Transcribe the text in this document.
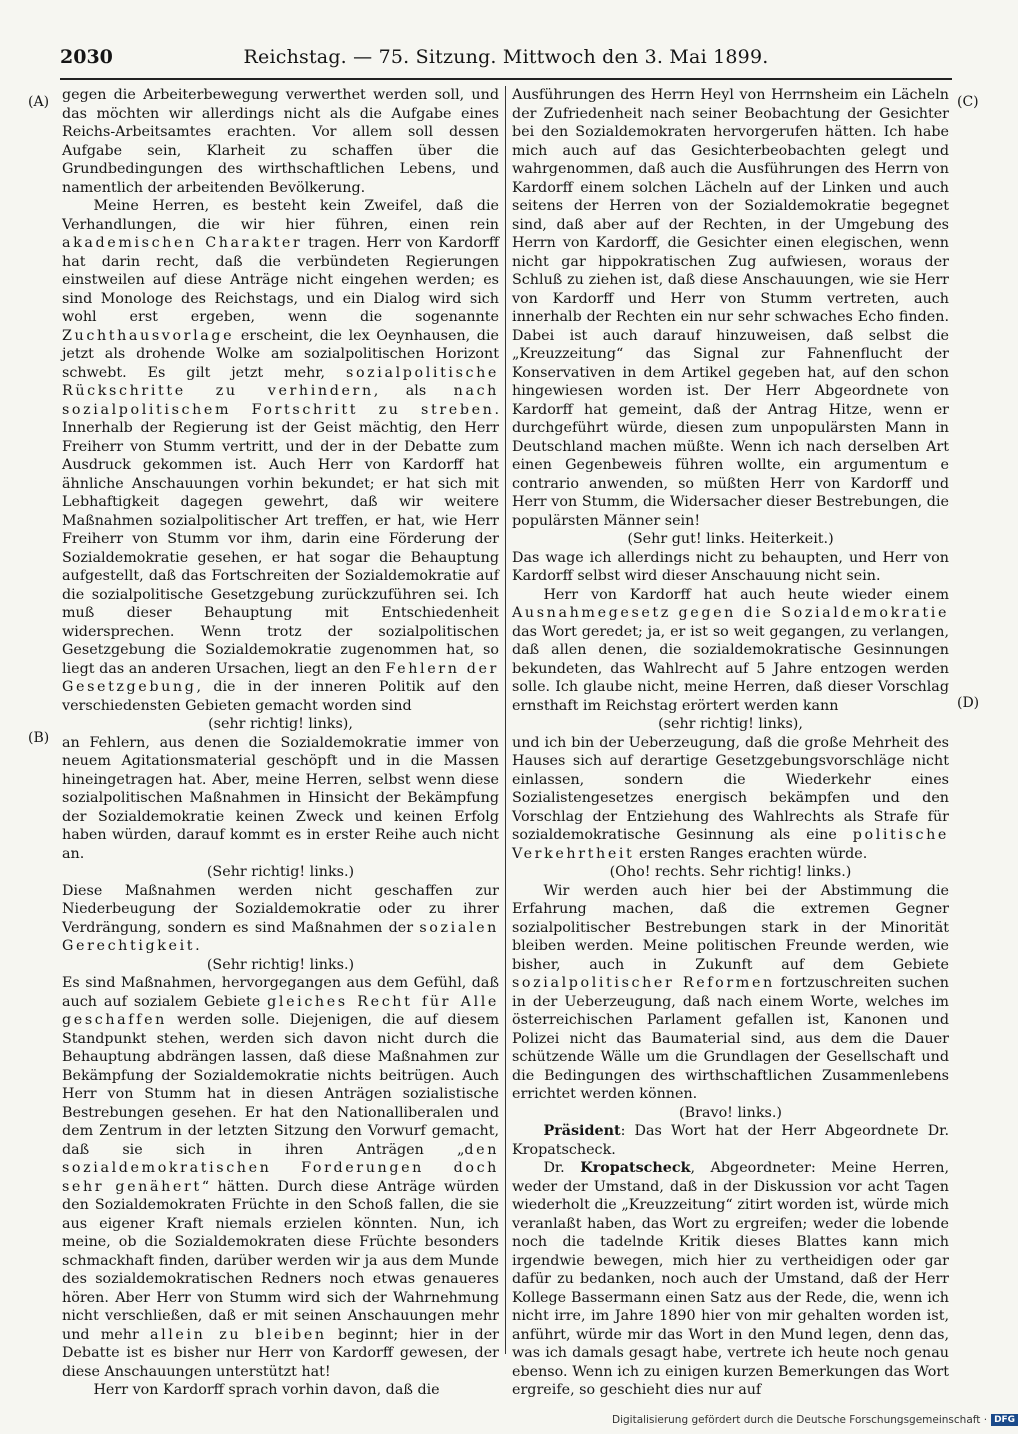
2030	Reichstag. — 75. Sitzung. Mittwoch den 3. Mai 1899.
(A)
(B)
(C)
(D)

gegen die Arbeiterbewegung verwerthet werden soll, und das möchten wir allerdings nicht als die Aufgabe eines Reichs-Arbeitsamtes erachten. Vor allem soll dessen Aufgabe sein, Klarheit zu schaffen über die Grundbedingungen des wirthschaftlichen Lebens, und namentlich der arbeitenden Bevölkerung.

Meine Herren, es besteht kein Zweifel, daß die Verhandlungen, die wir hier führen, einen rein akademischen Charakter tragen. Herr von Kardorff hat darin recht, daß die verbündeten Regierungen einstweilen auf diese Anträge nicht eingehen werden; es sind Monologe des Reichstags, und ein Dialog wird sich wohl erst ergeben, wenn die sogenannte Zuchthausvorlage erscheint, die lex Oeynhausen, die jetzt als drohende Wolke am sozialpolitischen Horizont schwebt. Es gilt jetzt mehr, sozialpolitische Rückschritte zu verhindern, als nach sozialpolitischem Fortschritt zu streben. Innerhalb der Regierung ist der Geist mächtig, den Herr Freiherr von Stumm vertritt, und der in der Debatte zum Ausdruck gekommen ist. Auch Herr von Kardorff hat ähnliche Anschauungen vorhin bekundet; er hat sich mit Lebhaftigkeit dagegen gewehrt, daß wir weitere Maßnahmen sozialpolitischer Art treffen, er hat, wie Herr Freiherr von Stumm vor ihm, darin eine Förderung der Sozialdemokratie gesehen, er hat sogar die Behauptung aufgestellt, daß das Fortschreiten der Sozialdemokratie auf die sozialpolitische Gesetzgebung zurückzuführen sei. Ich muß dieser Behauptung mit Entschiedenheit widersprechen. Wenn trotz der sozialpolitischen Gesetzgebung die Sozialdemokratie zugenommen hat, so liegt das an anderen Ursachen, liegt an den Fehlern der Gesetzgebung, die in der inneren Politik auf den verschiedensten Gebieten gemacht worden sind

(sehr richtig! links),

an Fehlern, aus denen die Sozialdemokratie immer von neuem Agitationsmaterial geschöpft und in die Massen hineingetragen hat. Aber, meine Herren, selbst wenn diese sozialpolitischen Maßnahmen in Hinsicht der Bekämpfung der Sozialdemokratie keinen Zweck und keinen Erfolg haben würden, darauf kommt es in erster Reihe auch nicht an.

(Sehr richtig! links.)

Diese Maßnahmen werden nicht geschaffen zur Niederbeugung der Sozialdemokratie oder zu ihrer Verdrängung, sondern es sind Maßnahmen der sozialen Gerechtigkeit.

(Sehr richtig! links.)

Es sind Maßnahmen, hervorgegangen aus dem Gefühl, daß auch auf sozialem Gebiete gleiches Recht für Alle geschaffen werden solle. Diejenigen, die auf diesem Standpunkt stehen, werden sich davon nicht durch die Behauptung abdrängen lassen, daß diese Maßnahmen zur Bekämpfung der Sozialdemokratie nichts beitrügen. Auch Herr von Stumm hat in diesen Anträgen sozialistische Bestrebungen gesehen. Er hat den Nationalliberalen und dem Zentrum in der letzten Sitzung den Vorwurf gemacht, daß sie sich in ihren Anträgen „den sozialdemokratischen Forderungen doch sehr genähert“ hätten. Durch diese Anträge würden den Sozialdemokraten Früchte in den Schoß fallen, die sie aus eigener Kraft niemals erzielen könnten. Nun, ich meine, ob die Sozialdemokraten diese Früchte besonders schmackhaft finden, darüber werden wir ja aus dem Munde des sozialdemokratischen Redners noch etwas genaueres hören. Aber Herr von Stumm wird sich der Wahrnehmung nicht verschließen, daß er mit seinen Anschauungen mehr und mehr allein zu bleiben beginnt; hier in der Debatte ist es bisher nur Herr von Kardorff gewesen, der diese Anschauungen unterstützt hat!

Herr von Kardorff sprach vorhin davon, daß die

Ausführungen des Herrn Heyl von Herrnsheim ein Lächeln der Zufriedenheit nach seiner Beobachtung der Gesichter bei den Sozialdemokraten hervorgerufen hätten. Ich habe mich auch auf das Gesichterbeobachten gelegt und wahrgenommen, daß auch die Ausführungen des Herrn von Kardorff einem solchen Lächeln auf der Linken und auch seitens der Herren von der Sozialdemokratie begegnet sind, daß aber auf der Rechten, in der Umgebung des Herrn von Kardorff, die Gesichter einen elegischen, wenn nicht gar hippokratischen Zug aufwiesen, woraus der Schluß zu ziehen ist, daß diese Anschauungen, wie sie Herr von Kardorff und Herr von Stumm vertreten, auch innerhalb der Rechten ein nur sehr schwaches Echo finden. Dabei ist auch darauf hinzuweisen, daß selbst die „Kreuzzeitung“ das Signal zur Fahnenflucht der Konservativen in dem Artikel gegeben hat, auf den schon hingewiesen worden ist. Der Herr Abgeordnete von Kardorff hat gemeint, daß der Antrag Hitze, wenn er durchgeführt würde, diesen zum unpopulärsten Mann in Deutschland machen müßte. Wenn ich nach derselben Art einen Gegenbeweis führen wollte, ein argumentum e contrario anwenden, so müßten Herr von Kardorff und Herr von Stumm, die Widersacher dieser Bestrebungen, die populärsten Männer sein!

(Sehr gut! links. Heiterkeit.)

Das wage ich allerdings nicht zu behaupten, und Herr von Kardorff selbst wird dieser Anschauung nicht sein.

Herr von Kardorff hat auch heute wieder einem Ausnahmegesetz gegen die Sozialdemokratie das Wort geredet; ja, er ist so weit gegangen, zu verlangen, daß allen denen, die sozialdemokratische Gesinnungen bekundeten, das Wahlrecht auf 5 Jahre entzogen werden solle. Ich glaube nicht, meine Herren, daß dieser Vorschlag ernsthaft im Reichstag erörtert werden kann

(sehr richtig! links),

und ich bin der Ueberzeugung, daß die große Mehrheit des Hauses sich auf derartige Gesetzgebungsvorschläge nicht einlassen, sondern die Wiederkehr eines Sozialistengesetzes energisch bekämpfen und den Vorschlag der Entziehung des Wahlrechts als Strafe für sozialdemokratische Gesinnung als eine politische Verkehrtheit ersten Ranges erachten würde.

(Oho! rechts. Sehr richtig! links.)

Wir werden auch hier bei der Abstimmung die Erfahrung machen, daß die extremen Gegner sozialpolitischer Bestrebungen stark in der Minorität bleiben werden. Meine politischen Freunde werden, wie bisher, auch in Zukunft auf dem Gebiete sozialpolitischer Reformen fortzuschreiten suchen in der Ueberzeugung, daß nach einem Worte, welches im österreichischen Parlament gefallen ist, Kanonen und Polizei nicht das Baumaterial sind, aus dem die Dauer schützende Wälle um die Grundlagen der Gesellschaft und die Bedingungen des wirthschaftlichen Zusammenlebens errichtet werden können.

(Bravo! links.)

Präsident: Das Wort hat der Herr Abgeordnete Dr. Kropatscheck.

Dr. Kropatscheck, Abgeordneter: Meine Herren, weder der Umstand, daß in der Diskussion vor acht Tagen wiederholt die „Kreuzzeitung“ zitirt worden ist, würde mich veranlaßt haben, das Wort zu ergreifen; weder die lobende noch die tadelnde Kritik dieses Blattes kann mich irgendwie bewegen, mich hier zu vertheidigen oder gar dafür zu bedanken, noch auch der Umstand, daß der Herr Kollege Bassermann einen Satz aus der Rede, die, wenn ich nicht irre, im Jahre 1890 hier von mir gehalten worden ist, anführt, würde mir das Wort in den Mund legen, denn das, was ich damals gesagt habe, vertrete ich heute noch genau ebenso. Wenn ich zu einigen kurzen Bemerkungen das Wort ergreife, so geschieht dies nur auf

Digitalisierung gefördert durch die Deutsche Forschungsgemeinschaft · DFG
